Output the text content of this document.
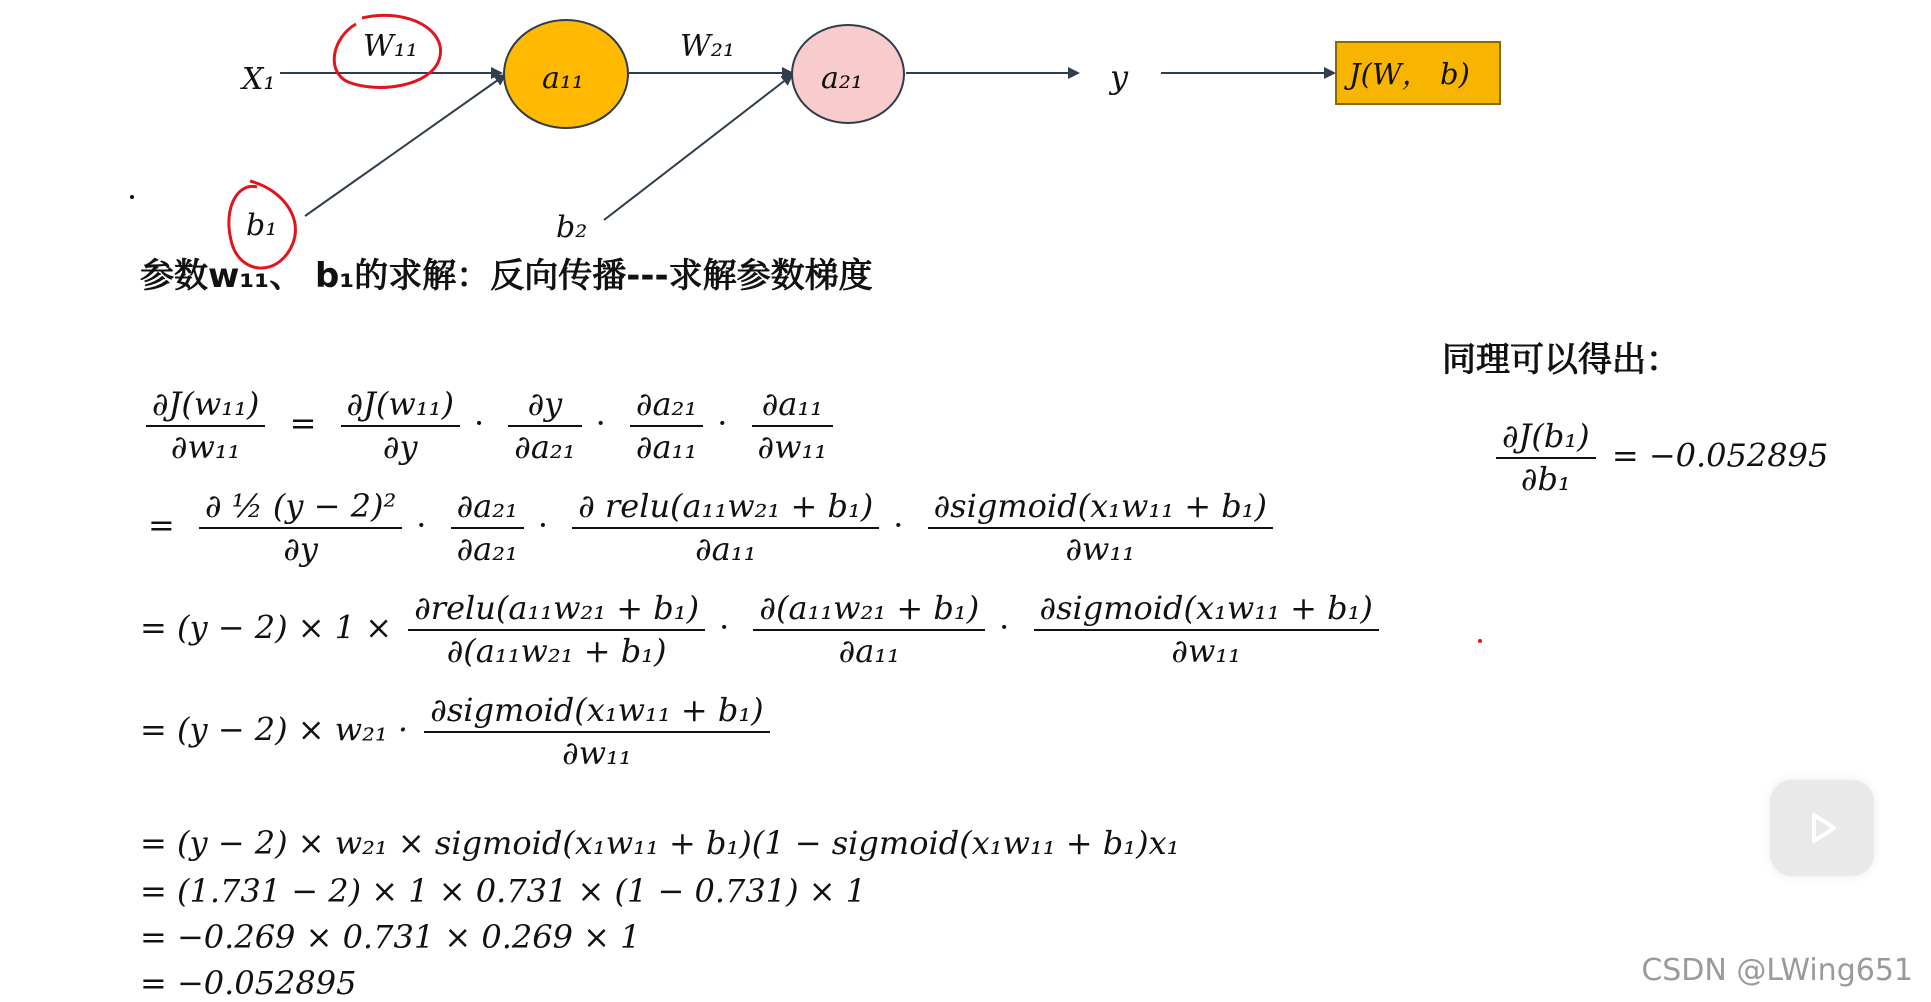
X₁
W₁₁
a₁₁
W₂₁
a₂₁	y	J(W， b)
b₁	b₂
参数w₁₁、 b₁的求解：反向传播---求解参数梯度
同理可以得出：
$\frac{\text{∂J(b₁)}}{\text{∂b₁}} = -0.052895$
$\frac{\text{∂J(w₁₁)}}{\text{∂w₁₁}} = \frac{\text{∂J(w₁₁)}}{\partial y} \cdot \frac{\partial y}{\text{∂a₂₁}} \cdot \frac{\text{∂a₂₁}}{\text{∂a₁₁}} \cdot \frac{\text{∂a₁₁}}{\text{∂w₁₁}}$
= $\frac{\text{∂ ½ (y − 2)²}}{\partial y} \cdot \frac{\text{∂a₂₁}}{\text{∂a₂₁}} \cdot \frac{\text{∂ relu(a₁₁w₂₁ + b₁)}}{\text{∂a₁₁}} \cdot \frac{\text{∂sigmoid(x₁w₁₁ + b₁)}}{\text{∂w₁₁}}$
= $(y - 2) \times 1 \times \frac{\text{∂relu(a₁₁w₂₁ + b₁)}}{\text{∂(a₁₁w₂₁ + b₁)}} \cdot \frac{\text{∂(a₁₁w₂₁ + b₁)}}{\text{∂a₁₁}} \cdot \frac{\text{∂sigmoid(x₁w₁₁ + b₁)}}{\text{∂w₁₁}}$
= $(y - 2) \times w_{21} \cdot \frac{\text{∂sigmoid(x₁w₁₁ + b₁)}}{\text{∂w₁₁}}$
= (y − 2) × w₂₁ × sigmoid(x₁w₁₁ + b₁)(1 − sigmoid(x₁w₁₁ + b₁)x₁
= (1.731 − 2) × 1 × 0.731 × (1 − 0.731) × 1
= −0.269 × 0.731 × 0.269 × 1
= −0.052895	CSDN @LWing651
